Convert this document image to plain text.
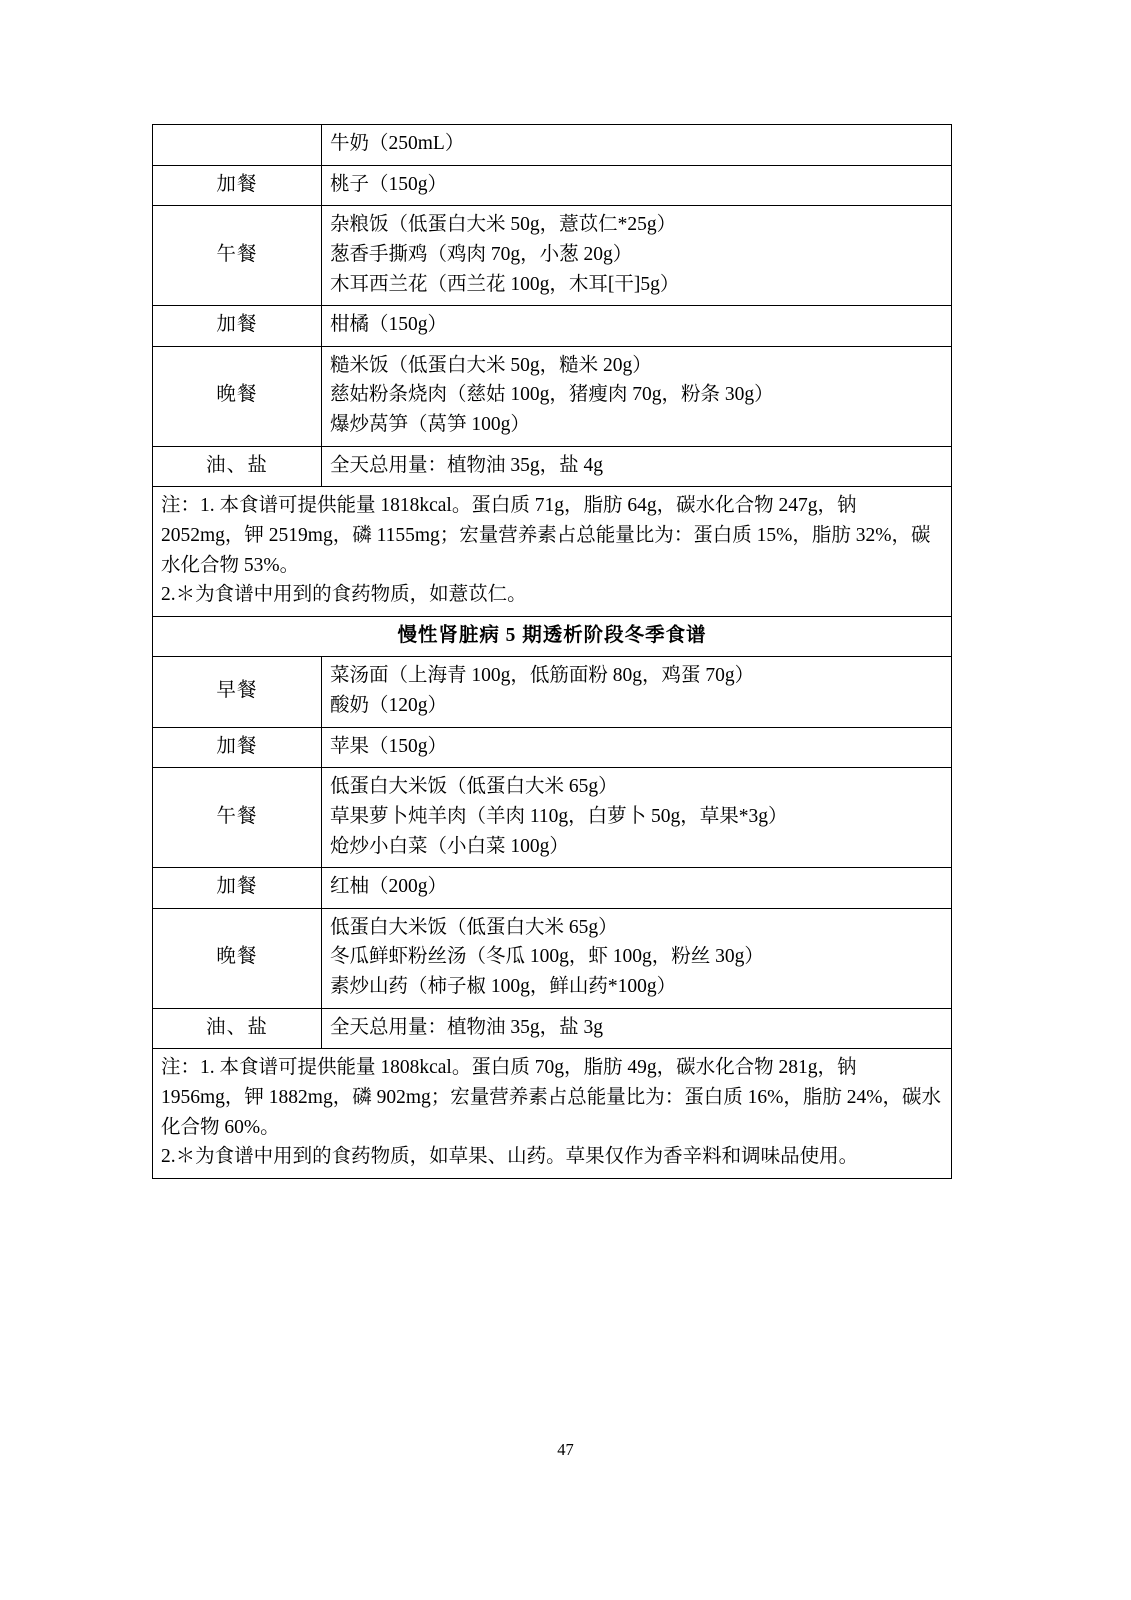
	牛奶（250mL）

加餐	桃子（150g）

午餐	杂粮饭（低蛋白大米 50g，薏苡仁*25g）
葱香手撕鸡（鸡肉 70g，小葱 20g）
木耳西兰花（西兰花 100g，木耳[干]5g）

加餐	柑橘（150g）

晚餐	糙米饭（低蛋白大米 50g，糙米 20g）
慈姑粉条烧肉（慈姑 100g，猪瘦肉 70g，粉条 30g）
爆炒莴笋（莴笋 100g）

油、盐	全天总用量：植物油 35g，盐 4g

注：1. 本食谱可提供能量 1818kcal。蛋白质 71g，脂肪 64g，碳水化合物 247g，钠 2052mg，钾 2519mg，磷 1155mg；宏量营养素占总能量比为：蛋白质 15%，脂肪 32%，碳水化合物 53%。

2.＊为食谱中用到的食药物质，如薏苡仁。	

慢性肾脏病 5 期透析阶段冬季食谱	
早餐	菜汤面（上海青 100g，低筋面粉 80g，鸡蛋 70g）
酸奶（120g）

加餐	苹果（150g）

午餐	低蛋白大米饭（低蛋白大米 65g）
草果萝卜炖羊肉（羊肉 110g，白萝卜 50g，草果*3g）
炝炒小白菜（小白菜 100g）

加餐	红柚（200g）

晚餐	低蛋白大米饭（低蛋白大米 65g）
冬瓜鲜虾粉丝汤（冬瓜 100g，虾 100g，粉丝 30g）
素炒山药（柿子椒 100g，鲜山药*100g）

油、盐	全天总用量：植物油 35g，盐 3g

注：1. 本食谱可提供能量 1808kcal。蛋白质 70g，脂肪 49g，碳水化合物 281g，钠 1956mg，钾 1882mg，磷 902mg；宏量营养素占总能量比为：蛋白质 16%，脂肪 24%，碳水化合物 60%。

2.＊为食谱中用到的食药物质，如草果、山药。草果仅作为香辛料和调味品使用。	

47
